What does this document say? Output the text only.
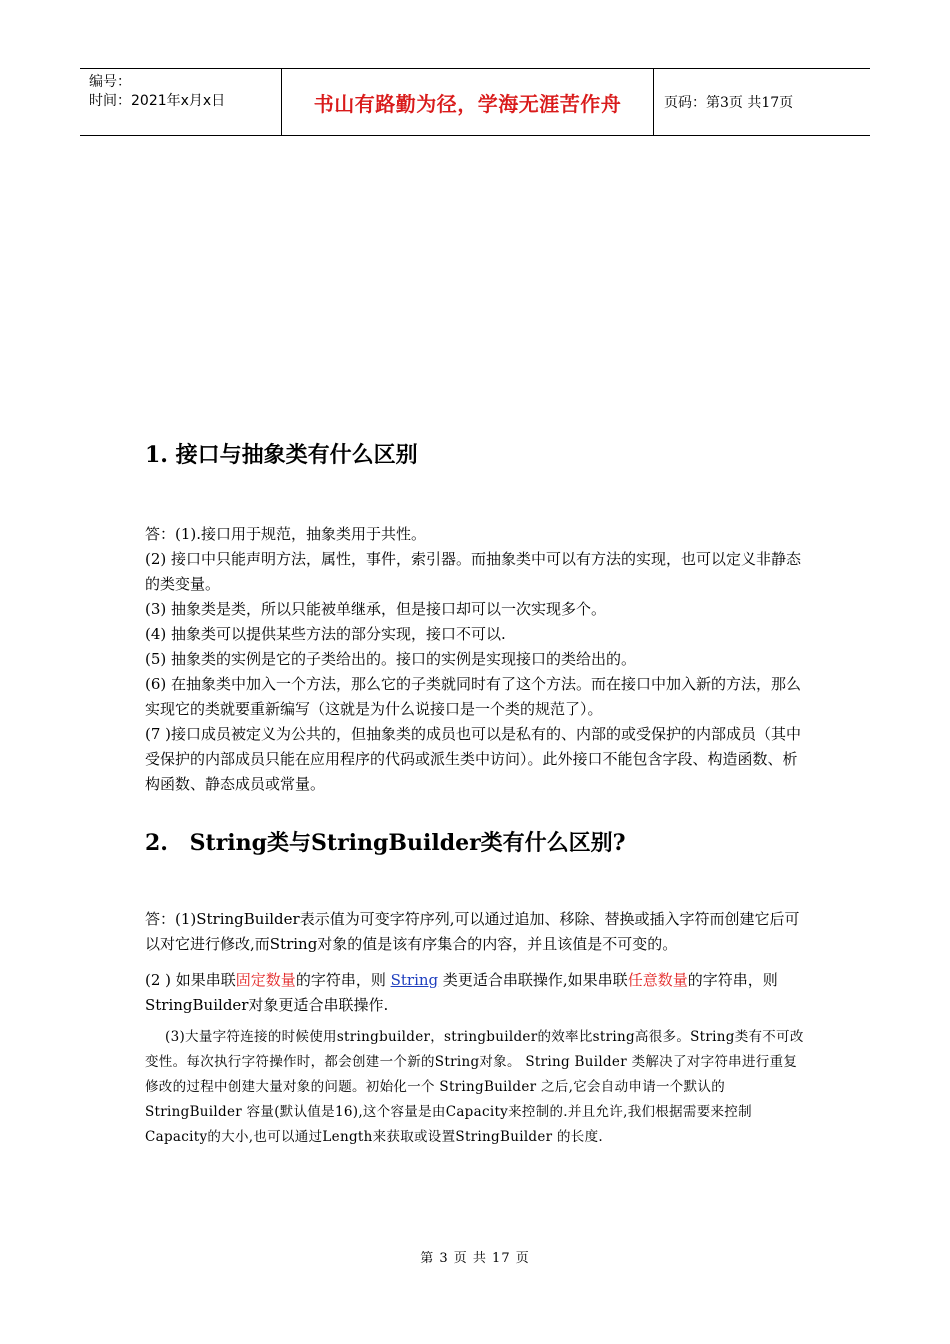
编号：
时间：2021年x月x日	书山有路勤为径，学海无涯苦作舟	页码：第3页 共17页
1. 接口与抽象类有什么区别
答：(1).接口用于规范，抽象类用于共性。
(2) 接口中只能声明方法，属性，事件，索引器。而抽象类中可以有方法的实现，也可以定义非静态的类变量。
(3) 抽象类是类，所以只能被单继承，但是接口却可以一次实现多个。
(4) 抽象类可以提供某些方法的部分实现，接口不可以.
(5) 抽象类的实例是它的子类给出的。接口的实例是实现接口的类给出的。
(6) 在抽象类中加入一个方法，那么它的子类就同时有了这个方法。而在接口中加入新的方法，那么实现它的类就要重新编写（这就是为什么说接口是一个类的规范了）。
(7 )接口成员被定义为公共的，但抽象类的成员也可以是私有的、内部的或受保护的内部成员（其中受保护的内部成员只能在应用程序的代码或派生类中访问）。此外接口不能包含字段、构造函数、析构函数、静态成员或常量。
2. String类与StringBuilder类有什么区别?
答：(1)StringBuilder表示值为可变字符序列,可以通过追加、移除、替换或插入字符而创建它后可以对它进行修改,而String对象的值是该有序集合的内容，并且该值是不可变的。
(2 ) 如果串联固定数量的字符串，则 String 类更适合串联操作,如果串联任意数量的字符串，则 StringBuilder对象更适合串联操作.
(3)大量字符连接的时候使用stringbuilder，stringbuilder的效率比string高很多。String类有不可改变性。每次执行字符操作时，都会创建一个新的String对象。 String Builder 类解决了对字符串进行重复修改的过程中创建大量对象的问题。初始化一个 StringBuilder 之后,它会自动申请一个默认的StringBuilder 容量(默认值是16),这个容量是由Capacity来控制的.并且允许,我们根据需要来控制Capacity的大小,也可以通过Length来获取或设置StringBuilder 的长度.
第 3 页 共 17 页
